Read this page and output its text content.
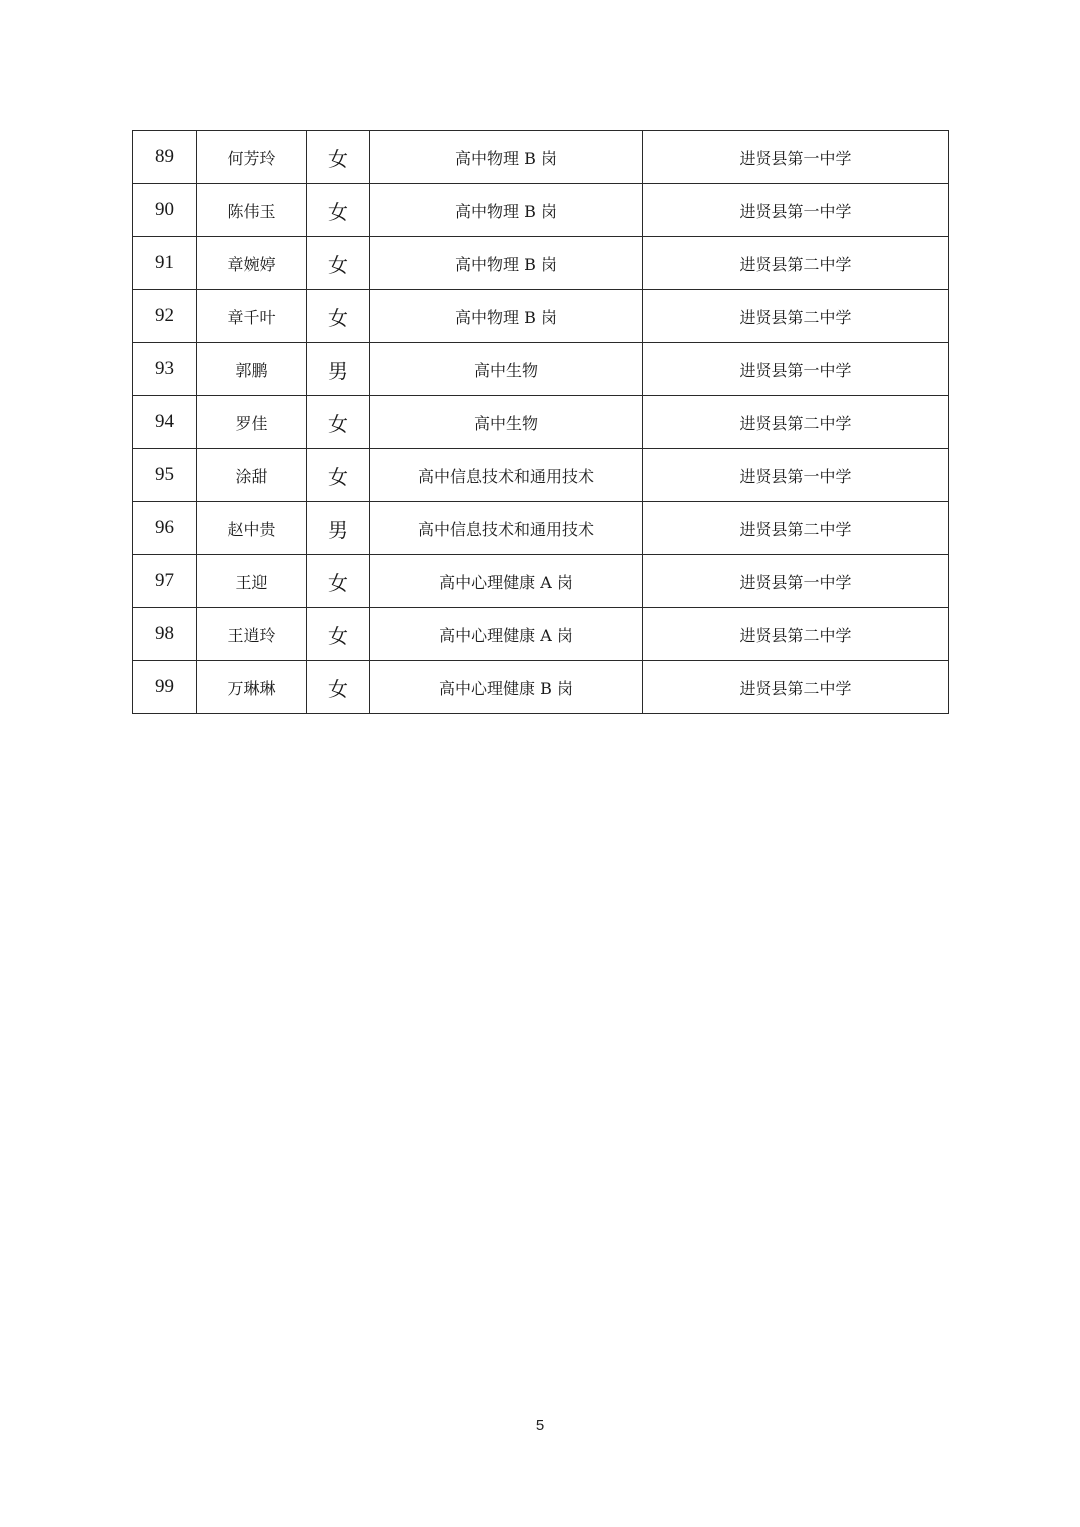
89	何芳玲	女	高中物理 B 岗	进贤县第一中学
90	陈伟玉	女	高中物理 B 岗	进贤县第一中学
91	章婉婷	女	高中物理 B 岗	进贤县第二中学
92	章千叶	女	高中物理 B 岗	进贤县第二中学
93	郭鹏	男	高中生物	进贤县第一中学
94	罗佳	女	高中生物	进贤县第二中学
95	涂甜	女	高中信息技术和通用技术	进贤县第一中学
96	赵中贵	男	高中信息技术和通用技术	进贤县第二中学
97	王迎	女	高中心理健康 A 岗	进贤县第一中学
98	王逍玲	女	高中心理健康 A 岗	进贤县第二中学
99	万琳琳	女	高中心理健康 B 岗	进贤县第二中学
5
